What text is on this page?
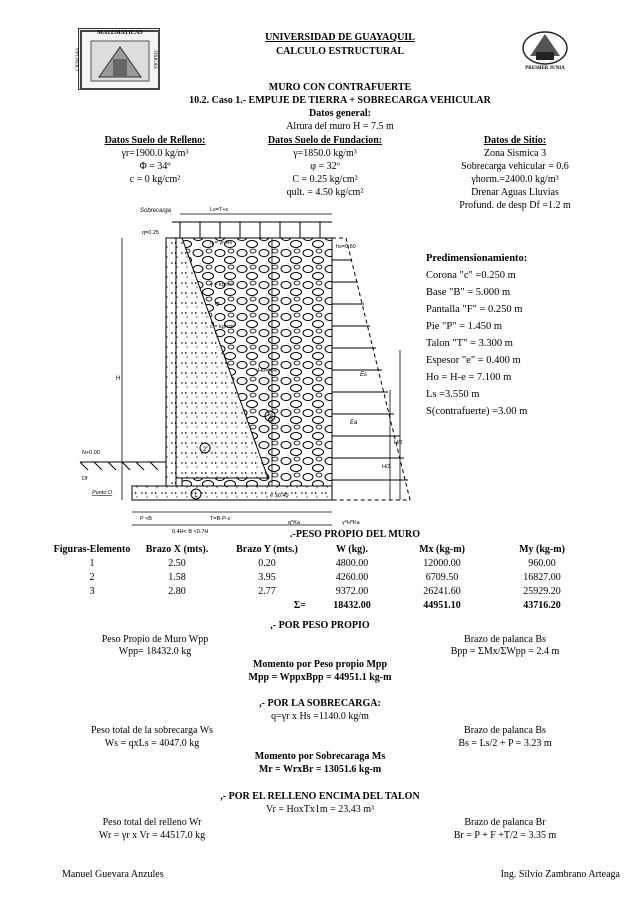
MATEMATICAS
CIENCIAS	FISICAS	PRESBER JUNIA
UNIVERSIDAD DE GUAYAQUIL
CALCULO ESTRUCTURAL
MURO CON CONTRAFUERTE
10.2. Caso 1.- EMPUJE DE TIERRA + SOBRECARGA VEHICULAR
Datos general:
Alrura del muro H = 7.5 m
Datos Suelo de Relleno:
γr=1900.0 kg/m³
Φ = 34º
c = 0 kg/cm²
Datos Suelo de Fundacion:
γ=1850.0 kg/m³
φ = 32º
C = 0.25 kg/cm²
qult. = 4.50 kg/cm²
Datos de Sitio:
Zona Sismica 3
Sobrecarga vehicular = 0.6
γhorm.=2400.0 kg/m³
Drenar Aguas Lluvias
Profund. de desp Df =1.2 m
Sobrecarga
q=0.25
Ls=T+c
q = γr Hs
hs=0.60
γ = kg/m³
Φ
c = kg/cm²
Ho=H-e
H
Es
Ea
H/2
H/3
N+0.00
Df
Punto O	e >0.40
P <B	T=B-P-c
0.4H< B <0.7H
q*Ka	γ*H*Ka
1
2
3
Predimensionamiento:
Corona "c" =0.250 m
Base "B" = 5.000 m
Pantalla "F" = 0.250 m
Pie "P" = 1.450 m
Talon "T" = 3.300 m
Espesor "e" = 0.400 m
Ho = H-e = 7.100 m
Ls =3.550 m
S(contrafuerte) =3.00 m
.-PESO PROPIO DEL MURO
Figuras-Elemento	Brazo X (mts).	Brazo Y (mts.)	W (kg).	Mx (kg-m)	My (kg-m)
1	2.50	0.20	4800.00	12000.00	960.00
2	1.58	3.95	4260.00	6709.50	16827.00
3	2.80	2.77	9372.00	26241.60	25929.20
		Σ=	18432.00	44951.10	43716.20
,- POR PESO PROPIO
Peso Propio de Muro Wpp
Wpp= 18432.0 kg
Brazo de palanca Bs
Bpp = ΣMx/ΣWpp = 2.4 m
Momento por Peso propio Mpp
Mpp = WppxBpp = 44951.1 kg-m
,- POR LA SOBRECARGA:
q=γr x Hs =1140.0 kg/m
Peso total de la sobrecarga Ws
Ws = qxLs = 4047.0 kg
Brazo de palanca Bs
Bs = Ls/2 + P = 3.23 m
Momento por Sobrecaraga Ms
Mr = WrxBr = 13051.6 kg-m
,- POR EL RELLENO ENCIMA DEL TALON
Vr = HoxTx1m = 23.43 m³
Peso total del relleno Wr
Wr = γr x Vr = 44517.0 kg
Brazo de palanca Br
Br = P + F +T/2 = 3.35 m
Manuel Guevara Anzules	Ing. Silvio Zambrano Arteaga
